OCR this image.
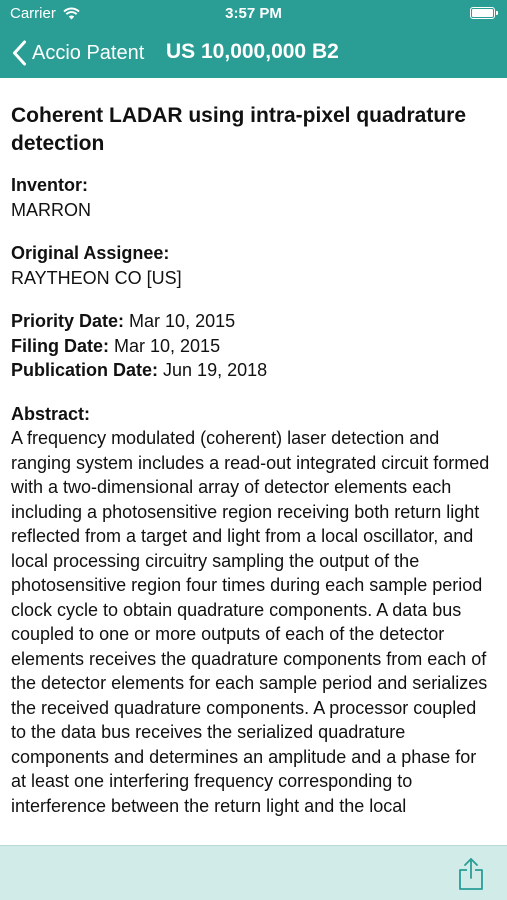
Carrier	3:57 PM
Accio Patent US 10,000,000 B2
Coherent LADAR using intra-pixel quadrature detection
Inventor:
MARRON
Original Assignee:
RAYTHEON CO [US]
Priority Date: Mar 10, 2015
Filing Date: Mar 10, 2015
Publication Date: Jun 19, 2018
Abstract:
A frequency modulated (coherent) laser detection and ranging system includes a read-out integrated circuit formed with a two-dimensional array of detector elements each including a photosensitive region receiving both return light reflected from a target and light from a local oscillator, and local processing circuitry sampling the output of the photosensitive region four times during each sample period clock cycle to obtain quadrature components. A data bus coupled to one or more outputs of each of the detector elements receives the quadrature components from each of the detector elements for each sample period and serializes the received quadrature components. A processor coupled to the data bus receives the serialized quadrature components and determines an amplitude and a phase for at least one interfering frequency corresponding to interference between the return light and the local
